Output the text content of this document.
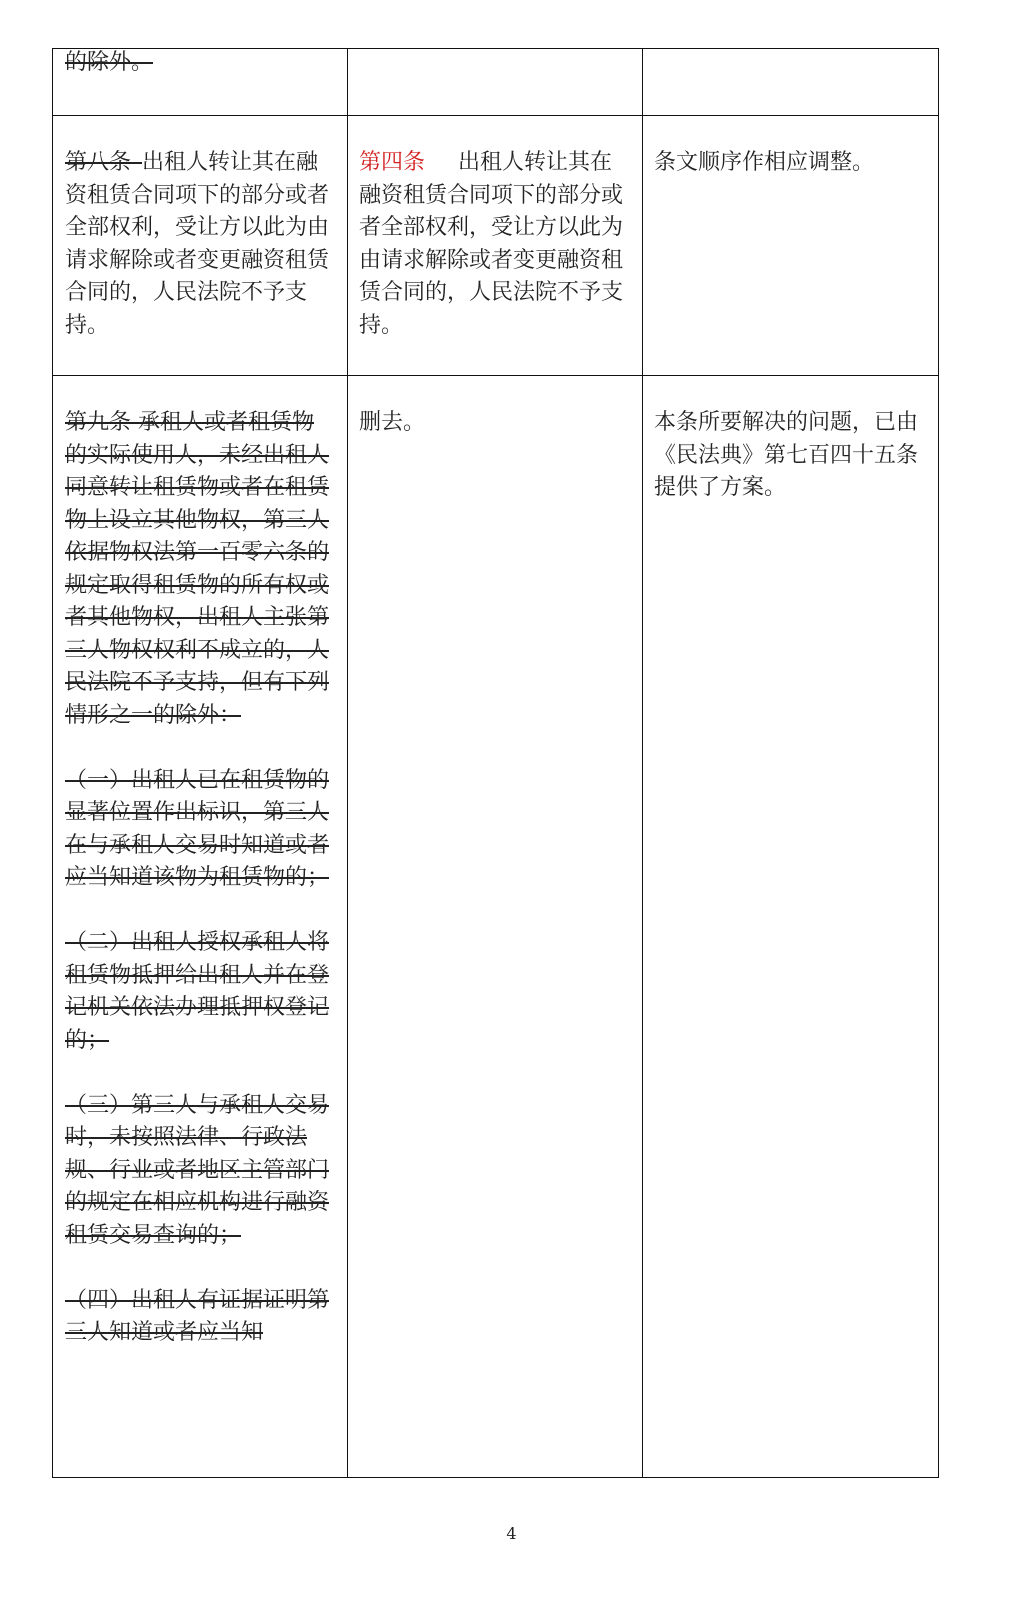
的除外。

第八条  出租人转让其在融资租赁合同项下的部分或者全部权利，受让方以此为由请求解除或者变更融资租赁合同的，人民法院不予支持。

第四条   出租人转让其在融资租赁合同项下的部分或者全部权利，受让方以此为由请求解除或者变更融资租赁合同的，人民法院不予支持。

条文顺序作相应调整。

第九条 承租人或者租赁物的实际使用人，未经出租人同意转让租赁物或者在租赁物上设立其他物权，第三人依据物权法第一百零六条的规定取得租赁物的所有权或者其他物权，出租人主张第三人物权权利不成立的，人民法院不予支持，但有下列情形之一的除外：

（一）出租人已在租赁物的显著位置作出标识，第三人在与承租人交易时知道或者应当知道该物为租赁物的；

（二）出租人授权承租人将租赁物抵押给出租人并在登记机关依法办理抵押权登记的；

（三）第三人与承租人交易时，未按照法律、行政法规、行业或者地区主管部门的规定在相应机构进行融资租赁交易查询的；

（四）出租人有证据证明第三人知道或者应当知

删去。	本条所要解决的问题，已由《民法典》第七百四十五条提供了方案。

4
